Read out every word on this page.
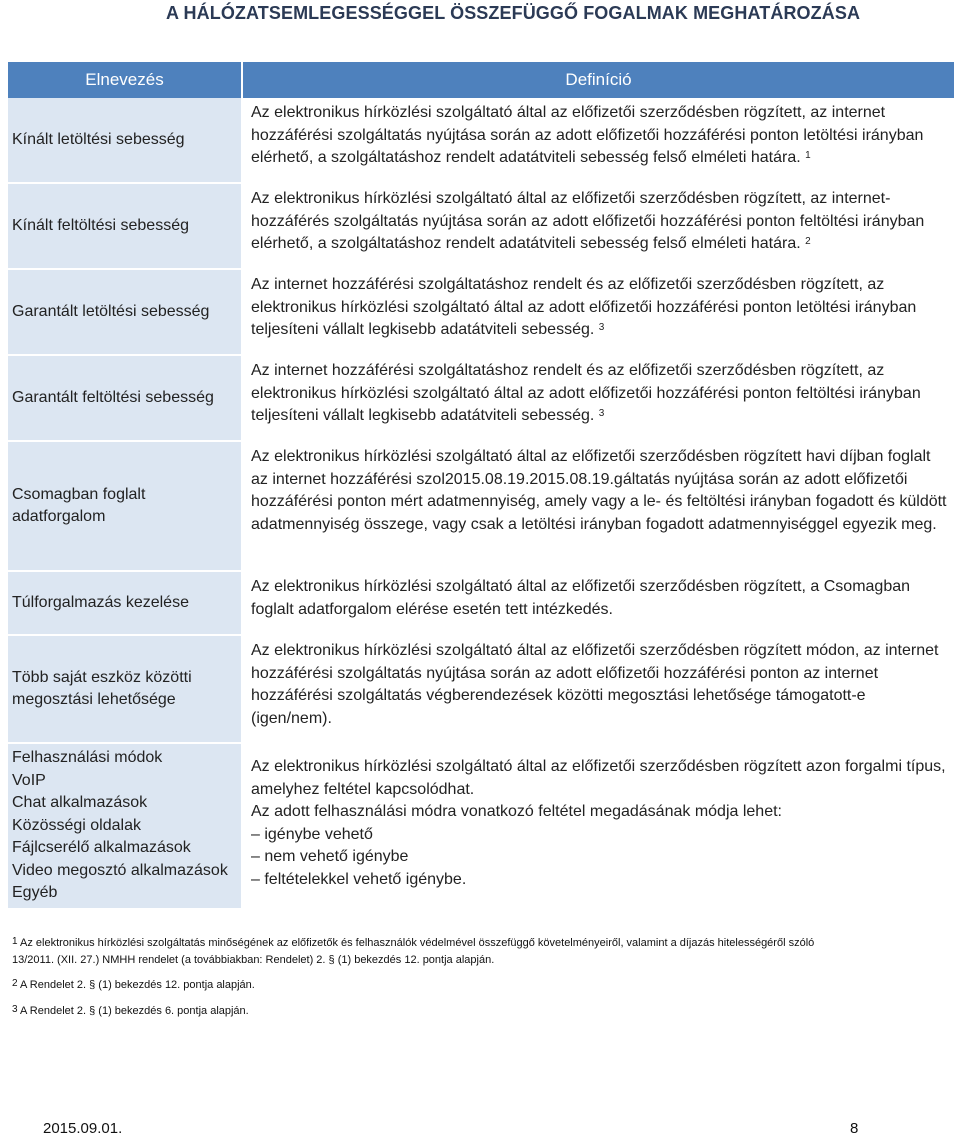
A HÁLÓZATSEMLEGESSÉGGEL ÖSSZEFÜGGŐ FOGALMAK MEGHATÁROZÁSA
Elnevezés	Definíció
Kínált letöltési sebesség
Az elektronikus hírközlési szolgáltató által az előfizetői szerződésben rögzített, az internet hozzáférési szolgáltatás nyújtása során az adott előfizetői hozzáférési ponton letöltési irányban elérhető, a szolgáltatáshoz rendelt adatátviteli sebesség felső elméleti határa. $^1$
Kínált feltöltési sebesség
Az elektronikus hírközlési szolgáltató által az előfizetői szerződésben rögzített, az internet-hozzáférés szolgáltatás nyújtása során az adott előfizetői hozzáférési ponton feltöltési irányban elérhető, a szolgáltatáshoz rendelt adatátviteli sebesség felső elméleti határa. $^2$
Garantált letöltési sebesség
Az internet hozzáférési szolgáltatáshoz rendelt és az előfizetői szerződésben rögzített, az elektronikus hírközlési szolgáltató által az adott előfizetői hozzáférési ponton letöltési irányban teljesíteni vállalt legkisebb adatátviteli sebesség. $^3$
Garantált feltöltési sebesség
Az internet hozzáférési szolgáltatáshoz rendelt és az előfizetői szerződésben rögzített, az elektronikus hírközlési szolgáltató által az adott előfizetői hozzáférési ponton feltöltési irányban teljesíteni vállalt legkisebb adatátviteli sebesség. $^3$
Csomagban foglalt adatforgalom
Az elektronikus hírközlési szolgáltató által az előfizetői szerződésben rögzített havi díjban foglalt az internet hozzáférési szol2015.08.19.2015.08.19.gáltatás nyújtása során az adott előfizetői hozzáférési ponton mért adatmennyiség, amely vagy a le- és feltöltési irányban fogadott és küldött adatmennyiség összege, vagy csak a letöltési irányban fogadott adatmennyiséggel egyezik meg.
Túlforgalmazás kezelése
Az elektronikus hírközlési szolgáltató által az előfizetői szerződésben rögzített, a Csomagban foglalt adatforgalom elérése esetén tett intézkedés.
Több saját eszköz közötti megosztási lehetősége
Az elektronikus hírközlési szolgáltató által az előfizetői szerződésben rögzített módon, az internet hozzáférési szolgáltatás nyújtása során az adott előfizetői hozzáférési ponton az internet hozzáférési szolgáltatás végberendezések közötti megosztási lehetősége támogatott-e (igen/nem).
Felhasználási módok
VoIP
Chat alkalmazások
Közösségi oldalak
Fájlcserélő alkalmazások
Video megosztó alkalmazások
Egyéb
Az elektronikus hírközlési szolgáltató által az előfizetői szerződésben rögzített azon forgalmi típus, amelyhez feltétel kapcsolódhat.
Az adott felhasználási módra vonatkozó feltétel megadásának módja lehet:
– igénybe vehető
– nem vehető igénybe
– feltételekkel vehető igénybe.
$^1$ Az elektronikus hírközlési szolgáltatás minőségének az előfizetők és felhasználók védelmével összefüggő követelményeiről, valamint a díjazás hitelességéről szóló 13/2011. (XII. 27.) NMHH rendelet (a továbbiakban: Rendelet) 2. § (1) bekezdés 12. pontja alapján.
$^2$ A Rendelet 2. § (1) bekezdés 12. pontja alapján.
$^3$ A Rendelet 2. § (1) bekezdés 6. pontja alapján.
2015.09.01.	8
